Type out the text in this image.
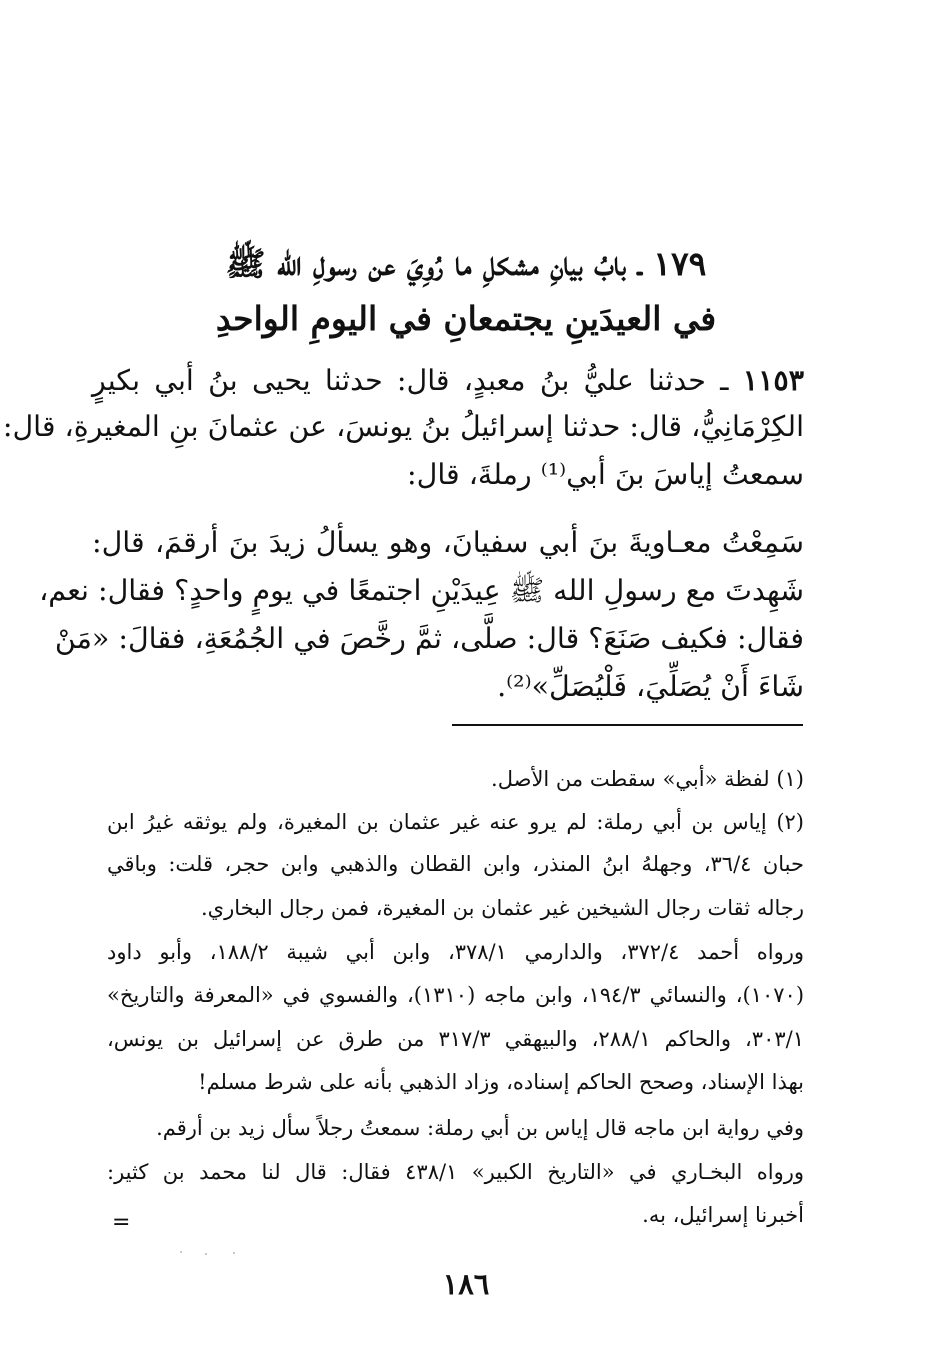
١٧٩ ـ بابُ بيانِ مشكلِ ما رُوِيَ عن رسولِ الله ﷺ
في العيدَينِ يجتمعانِ في اليومِ الواحدِ
١١٥٣ ـ حدثنا عليُّ بنُ معبدٍ، قال: حدثنا يحيى بنُ أبي بكيرٍ
الكِرْمَانِيُّ، قال: حدثنا إسرائيلُ بنُ يونسَ، عن عثمانَ بنِ المغيرةِ، قال:
سمعتُ إياسَ بنَ أبي⁽¹⁾ رملةَ، قال:
سَمِعْتُ معـاويةَ بنَ أبي سفيانَ، وهو يسألُ زيدَ بنَ أرقمَ، قال:
شَهِدتَ مع رسولِ الله ﷺ عِيدَيْنِ اجتمعًا في يومٍ واحدٍ؟ فقال: نعم،
فقال: فكيف صَنَعَ؟ قال: صلَّى، ثمَّ رخَّصَ في الجُمُعَةِ، فقالَ: «مَنْ
شَاءَ أَنْ يُصَلِّيَ، فَلْيُصَلِّ»⁽²⁾.
(١) لفظة «أبي» سقطت من الأصل.
(٢) إياس بن أبي رملة: لم يرو عنه غير عثمان بن المغيرة، ولم يوثقه غيرُ ابن
حبان ٣٦/٤، وجهلهُ ابنُ المنذر، وابن القطان والذهبي وابن حجر، قلت: وباقي
رجاله ثقات رجال الشيخين غير عثمان بن المغيرة، فمن رجال البخاري.
ورواه أحمد ٣٧٢/٤، والدارمي ٣٧٨/١، وابن أبي شيبة ١٨٨/٢، وأبو داود
(١٠٧٠)، والنسائي ١٩٤/٣، وابن ماجه (١٣١٠)، والفسوي في «المعرفة والتاريخ»
٣٠٣/١، والحاكم ٢٨٨/١، والبيهقي ٣١٧/٣ من طرق عن إسرائيل بن يونس،
بهذا الإسناد، وصحح الحاكم إسناده، وزاد الذهبي بأنه على شرط مسلم!
وفي رواية ابن ماجه قال إياس بن أبي رملة: سمعتُ رجلاً سأل زيد بن أرقم.
ورواه البخـاري في «التاريخ الكبير» ٤٣٨/١ فقال: قال لنا محمد بن كثير:
أخبرنا إسرائيل، به.
=
١٨٦
